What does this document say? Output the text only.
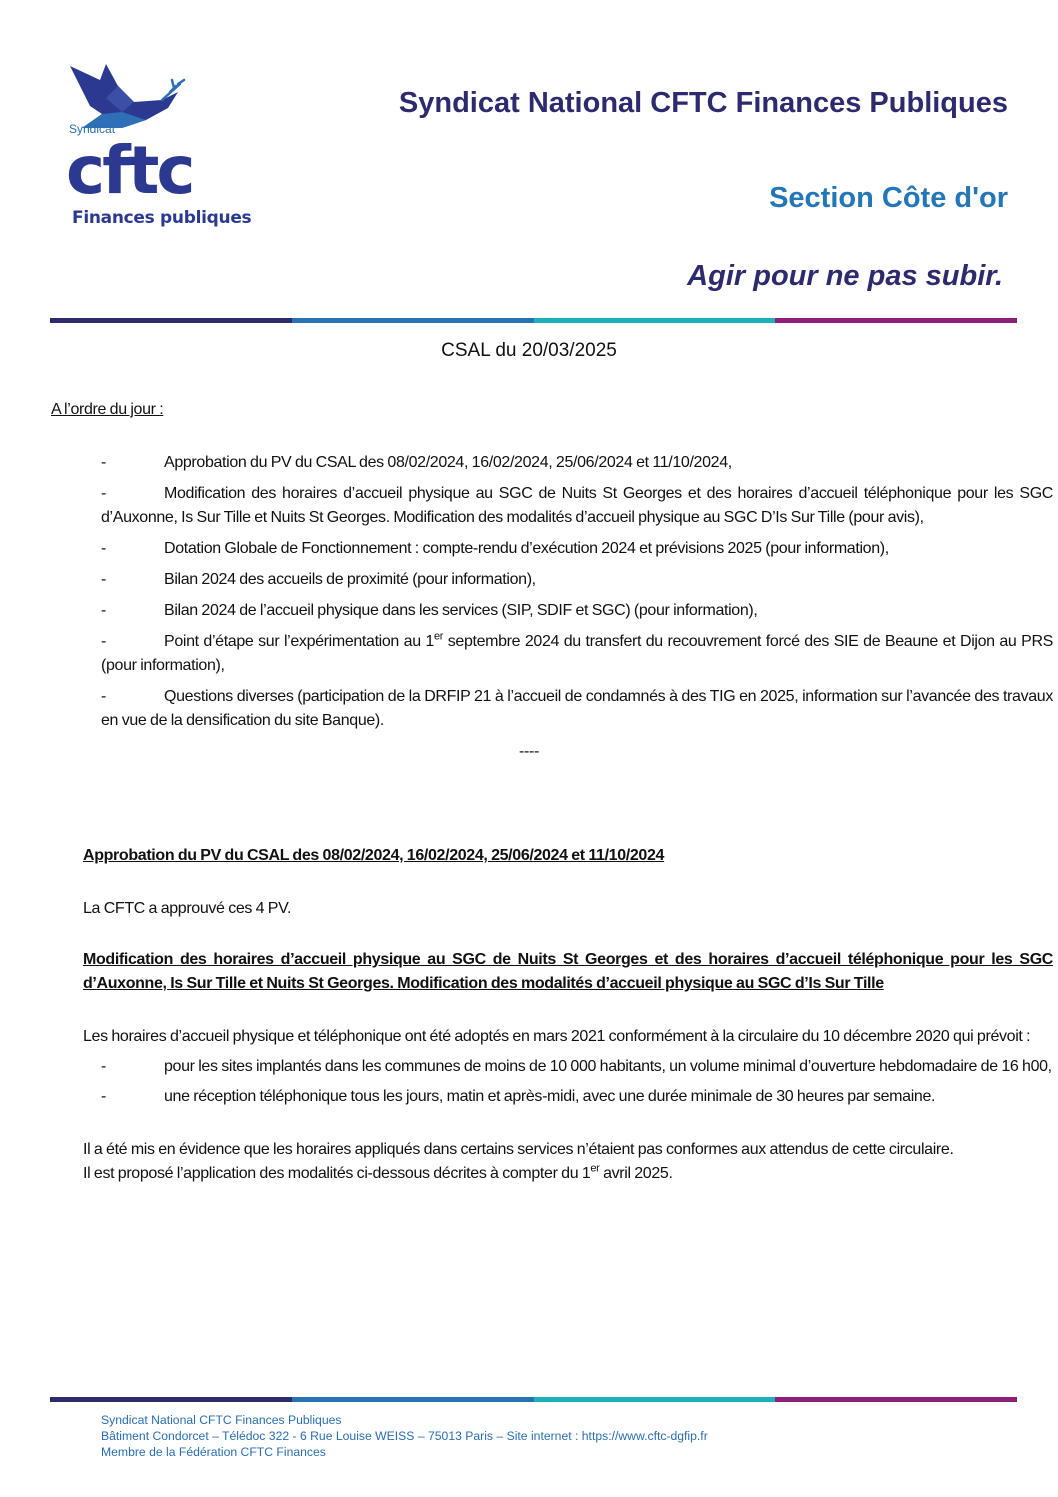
Syndicat
cftc
Finances publiques
Syndicat National CFTC Finances Publiques
Section Côte d'or
Agir pour ne pas subir.
CSAL du 20/03/2025
A l’ordre du jour :
-	Approbation du PV du CSAL des 08/02/2024, 16/02/2024, 25/06/2024 et 11/10/2024,
-	Modification des horaires d’accueil physique au SGC de Nuits St Georges et des horaires d’accueil téléphonique pour les SGC d’Auxonne, Is Sur Tille et Nuits St Georges. Modification des modalités d’accueil physique au SGC D’Is Sur Tille (pour avis),
-	Dotation Globale de Fonctionnement : compte-rendu d’exécution 2024 et prévisions 2025 (pour information),
-	Bilan 2024 des accueils de proximité (pour information),
-	Bilan 2024 de l’accueil physique dans les services (SIP, SDIF et SGC) (pour information),
-	Point d’étape sur l’expérimentation au 1er septembre 2024 du transfert du recouvrement forcé des SIE de Beaune et Dijon au PRS (pour information),
-	Questions diverses (participation de la DRFIP 21 à l’accueil de condamnés à des TIG en 2025, information sur l’avancée des travaux en vue de la densification du site Banque).
----
Approbation du PV du CSAL des 08/02/2024, 16/02/2024, 25/06/2024 et 11/10/2024
La CFTC a approuvé ces 4 PV.
Modification des horaires d’accueil physique au SGC de Nuits St Georges et des horaires d’accueil téléphonique pour les SGC d’Auxonne, Is Sur Tille et Nuits St Georges. Modification des modalités d’accueil physique au SGC d’Is Sur Tille
Les horaires d’accueil physique et téléphonique ont été adoptés en mars 2021 conformément à la circulaire du 10 décembre 2020 qui prévoit :
-	pour les sites implantés dans les communes de moins de 10 000 habitants, un volume minimal d’ouverture hebdomadaire de 16 h00,
-	une réception téléphonique tous les jours, matin et après-midi, avec une durée minimale de 30 heures par semaine.
Il a été mis en évidence que les horaires appliqués dans certains services n’étaient pas conformes aux attendus de cette circulaire.
Il est proposé l’application des modalités ci-dessous décrites à compter du 1er avril 2025.
Syndicat National CFTC Finances Publiques
Bâtiment Condorcet – Télédoc 322 - 6 Rue Louise WEISS – 75013 Paris – Site internet : https://www.cftc-dgfip.fr
Membre de la Fédération CFTC Finances
